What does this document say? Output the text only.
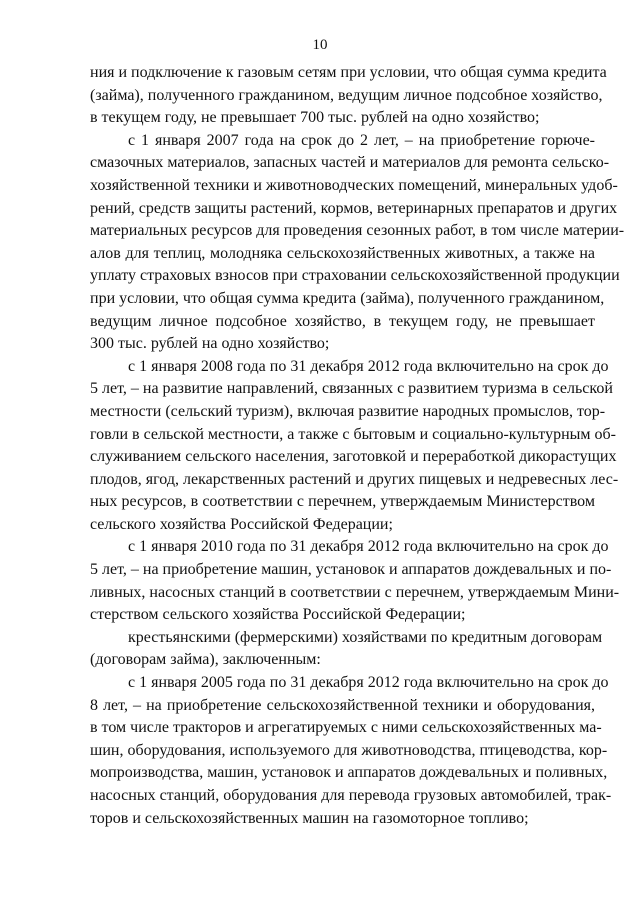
10
ния и подключение к газовым сетям при условии, что общая сумма кредита
(займа), полученного гражданином, ведущим личное подсобное хозяйство,
в текущем году, не превышает 700 тыс. рублей на одно хозяйство;
с 1 января 2007 года на срок до 2 лет, – на приобретение горюче-
смазочных материалов, запасных частей и материалов для ремонта сельско-
хозяйственной техники и животноводческих помещений, минеральных удоб-
рений, средств защиты растений, кормов, ветеринарных препаратов и других
материальных ресурсов для проведения сезонных работ, в том числе материи-
алов для теплиц, молодняка сельскохозяйственных животных, а также на
уплату страховых взносов при страховании сельскохозяйственной продукции
при условии, что общая сумма кредита (займа), полученного гражданином,
ведущим личное подсобное хозяйство, в текущем году, не превышает
300 тыс. рублей на одно хозяйство;
с 1 января 2008 года по 31 декабря 2012 года включительно на срок до
5 лет, – на развитие направлений, связанных с развитием туризма в сельской
местности (сельский туризм), включая развитие народных промыслов, тор-
говли в сельской местности, а также с бытовым и социально-культурным об-
служиванием сельского населения, заготовкой и переработкой дикорастущих
плодов, ягод, лекарственных растений и других пищевых и недревесных лес-
ных ресурсов, в соответствии с перечнем, утверждаемым Министерством
сельского хозяйства Российской Федерации;
с 1 января 2010 года по 31 декабря 2012 года включительно на срок до
5 лет, – на приобретение машин, установок и аппаратов дождевальных и по-
ливных, насосных станций в соответствии с перечнем, утверждаемым Мини-
стерством сельского хозяйства Российской Федерации;
крестьянскими (фермерскими) хозяйствами по кредитным договорам
(договорам займа), заключенным:
с 1 января 2005 года по 31 декабря 2012 года включительно на срок до
8 лет, – на приобретение сельскохозяйственной техники и оборудования,
в том числе тракторов и агрегатируемых с ними сельскохозяйственных ма-
шин, оборудования, используемого для животноводства, птицеводства, кор-
мопроизводства, машин, установок и аппаратов дождевальных и поливных,
насосных станций, оборудования для перевода грузовых автомобилей, трак-
торов и сельскохозяйственных машин на газомоторное топливо;
